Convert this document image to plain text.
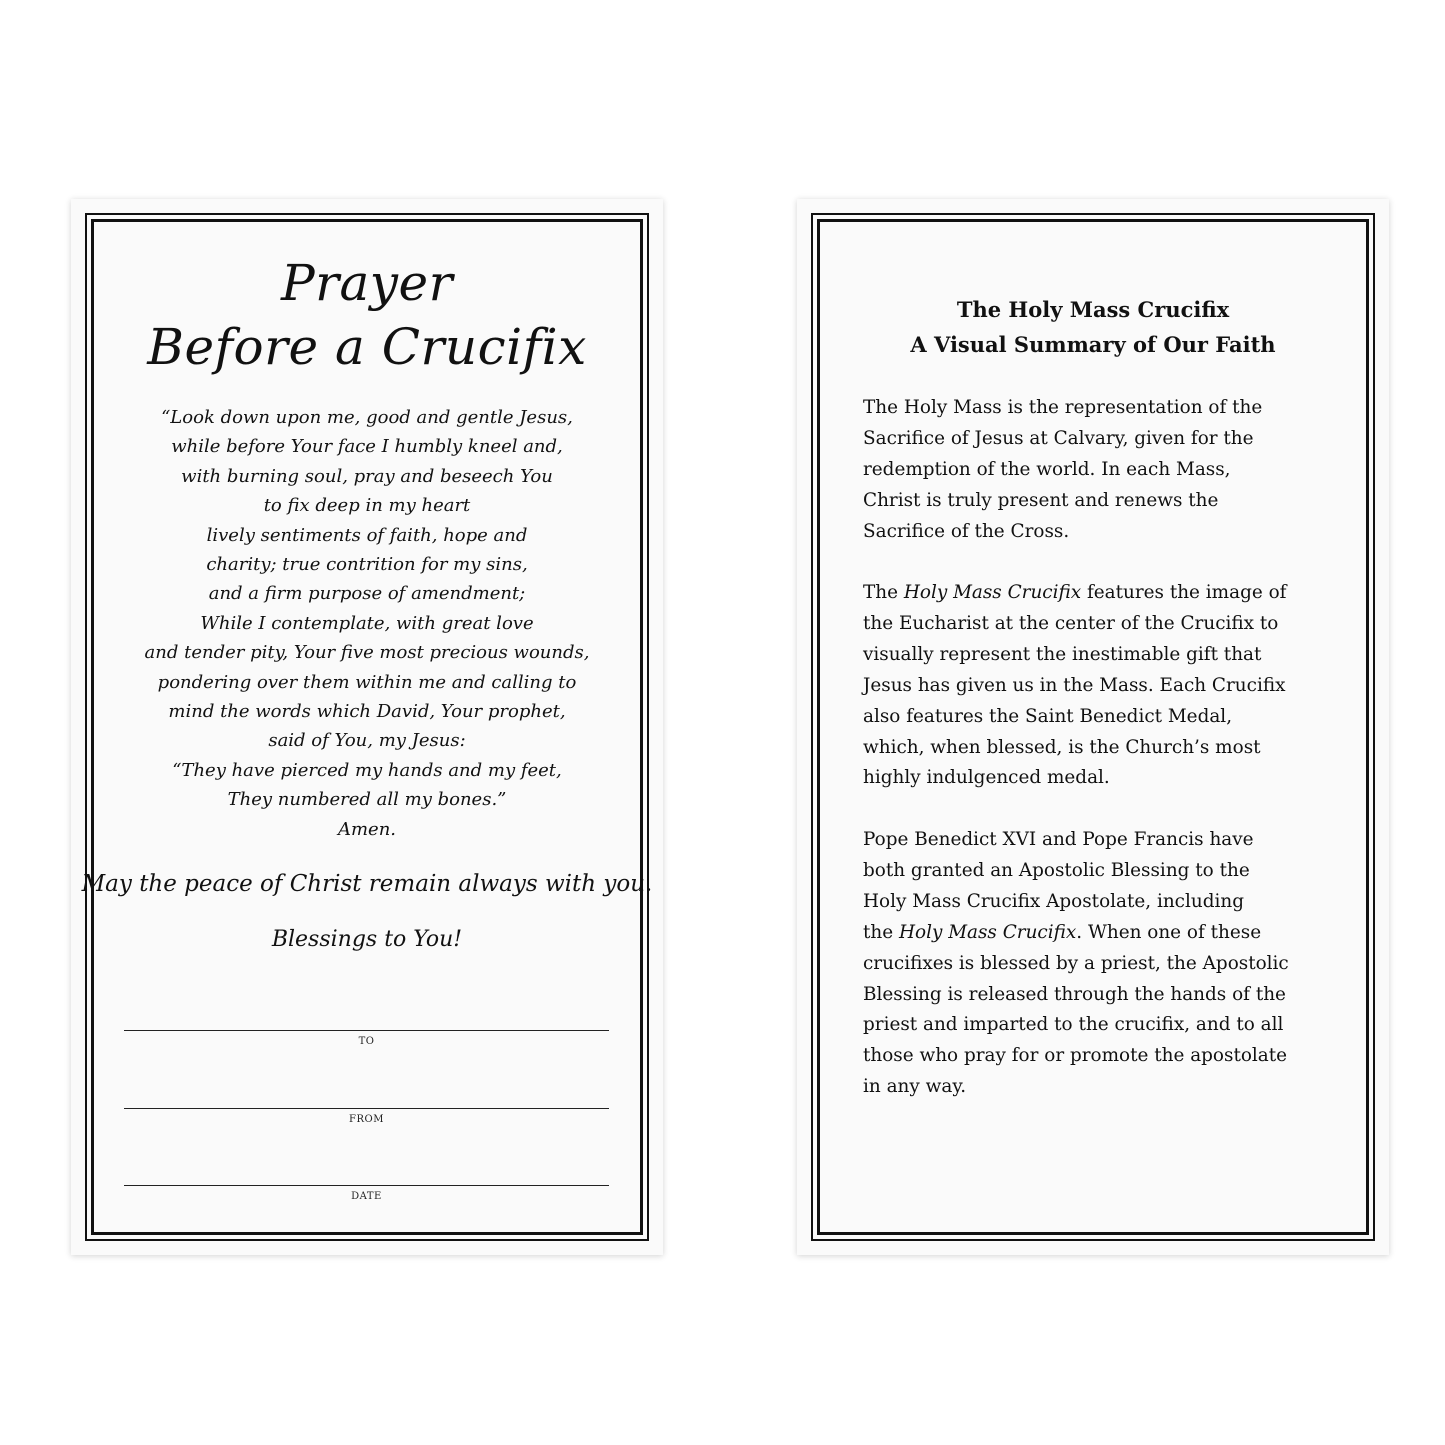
Prayer
Before a Crucifix
“Look down upon me, good and gentle Jesus,
while before Your face I humbly kneel and,
with burning soul, pray and beseech You
to fix deep in my heart
lively sentiments of faith, hope and
charity; true contrition for my sins,
and a firm purpose of amendment;
While I contemplate, with great love
and tender pity, Your five most precious wounds,
pondering over them within me and calling to
mind the words which David, Your prophet,
said of You, my Jesus:
“They have pierced my hands and my feet,
They numbered all my bones.”
Amen.
May the peace of Christ remain always with you.
Blessings to You!
TO
FROM
DATE
The Holy Mass Crucifix
A Visual Summary of Our Faith
The Holy Mass is the representation of the
Sacrifice of Jesus at Calvary, given for the
redemption of the world. In each Mass,
Christ is truly present and renews the
Sacrifice of the Cross.
The Holy Mass Crucifix features the image of
the Eucharist at the center of the Crucifix to
visually represent the inestimable gift that
Jesus has given us in the Mass. Each Crucifix
also features the Saint Benedict Medal,
which, when blessed, is the Church’s most
highly indulgenced medal.
Pope Benedict XVI and Pope Francis have
both granted an Apostolic Blessing to the
Holy Mass Crucifix Apostolate, including
the Holy Mass Crucifix. When one of these
crucifixes is blessed by a priest, the Apostolic
Blessing is released through the hands of the
priest and imparted to the crucifix, and to all
those who pray for or promote the apostolate
in any way.
